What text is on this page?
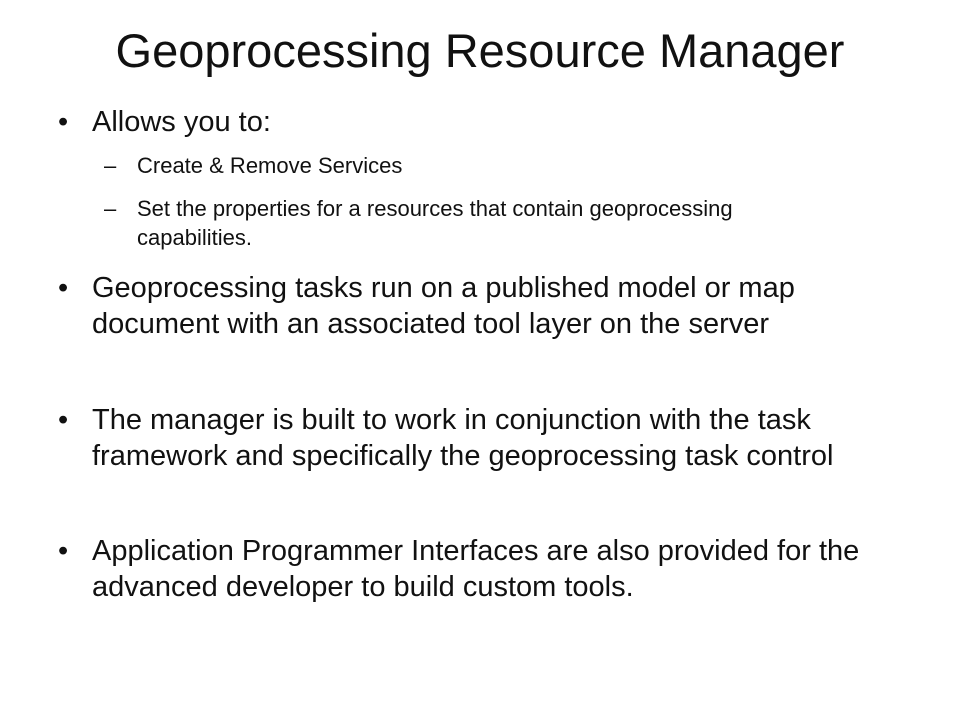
Geoprocessing Resource Manager
• Allows you to:
– Create & Remove Services
– Set the properties for a resources that contain geoprocessing capabilities.
• Geoprocessing tasks run on a published model or map document with an associated tool layer on the server
• The manager is built to work in conjunction with the task framework and specifically the geoprocessing task control
• Application Programmer Interfaces are also provided for the advanced developer to build custom tools.
